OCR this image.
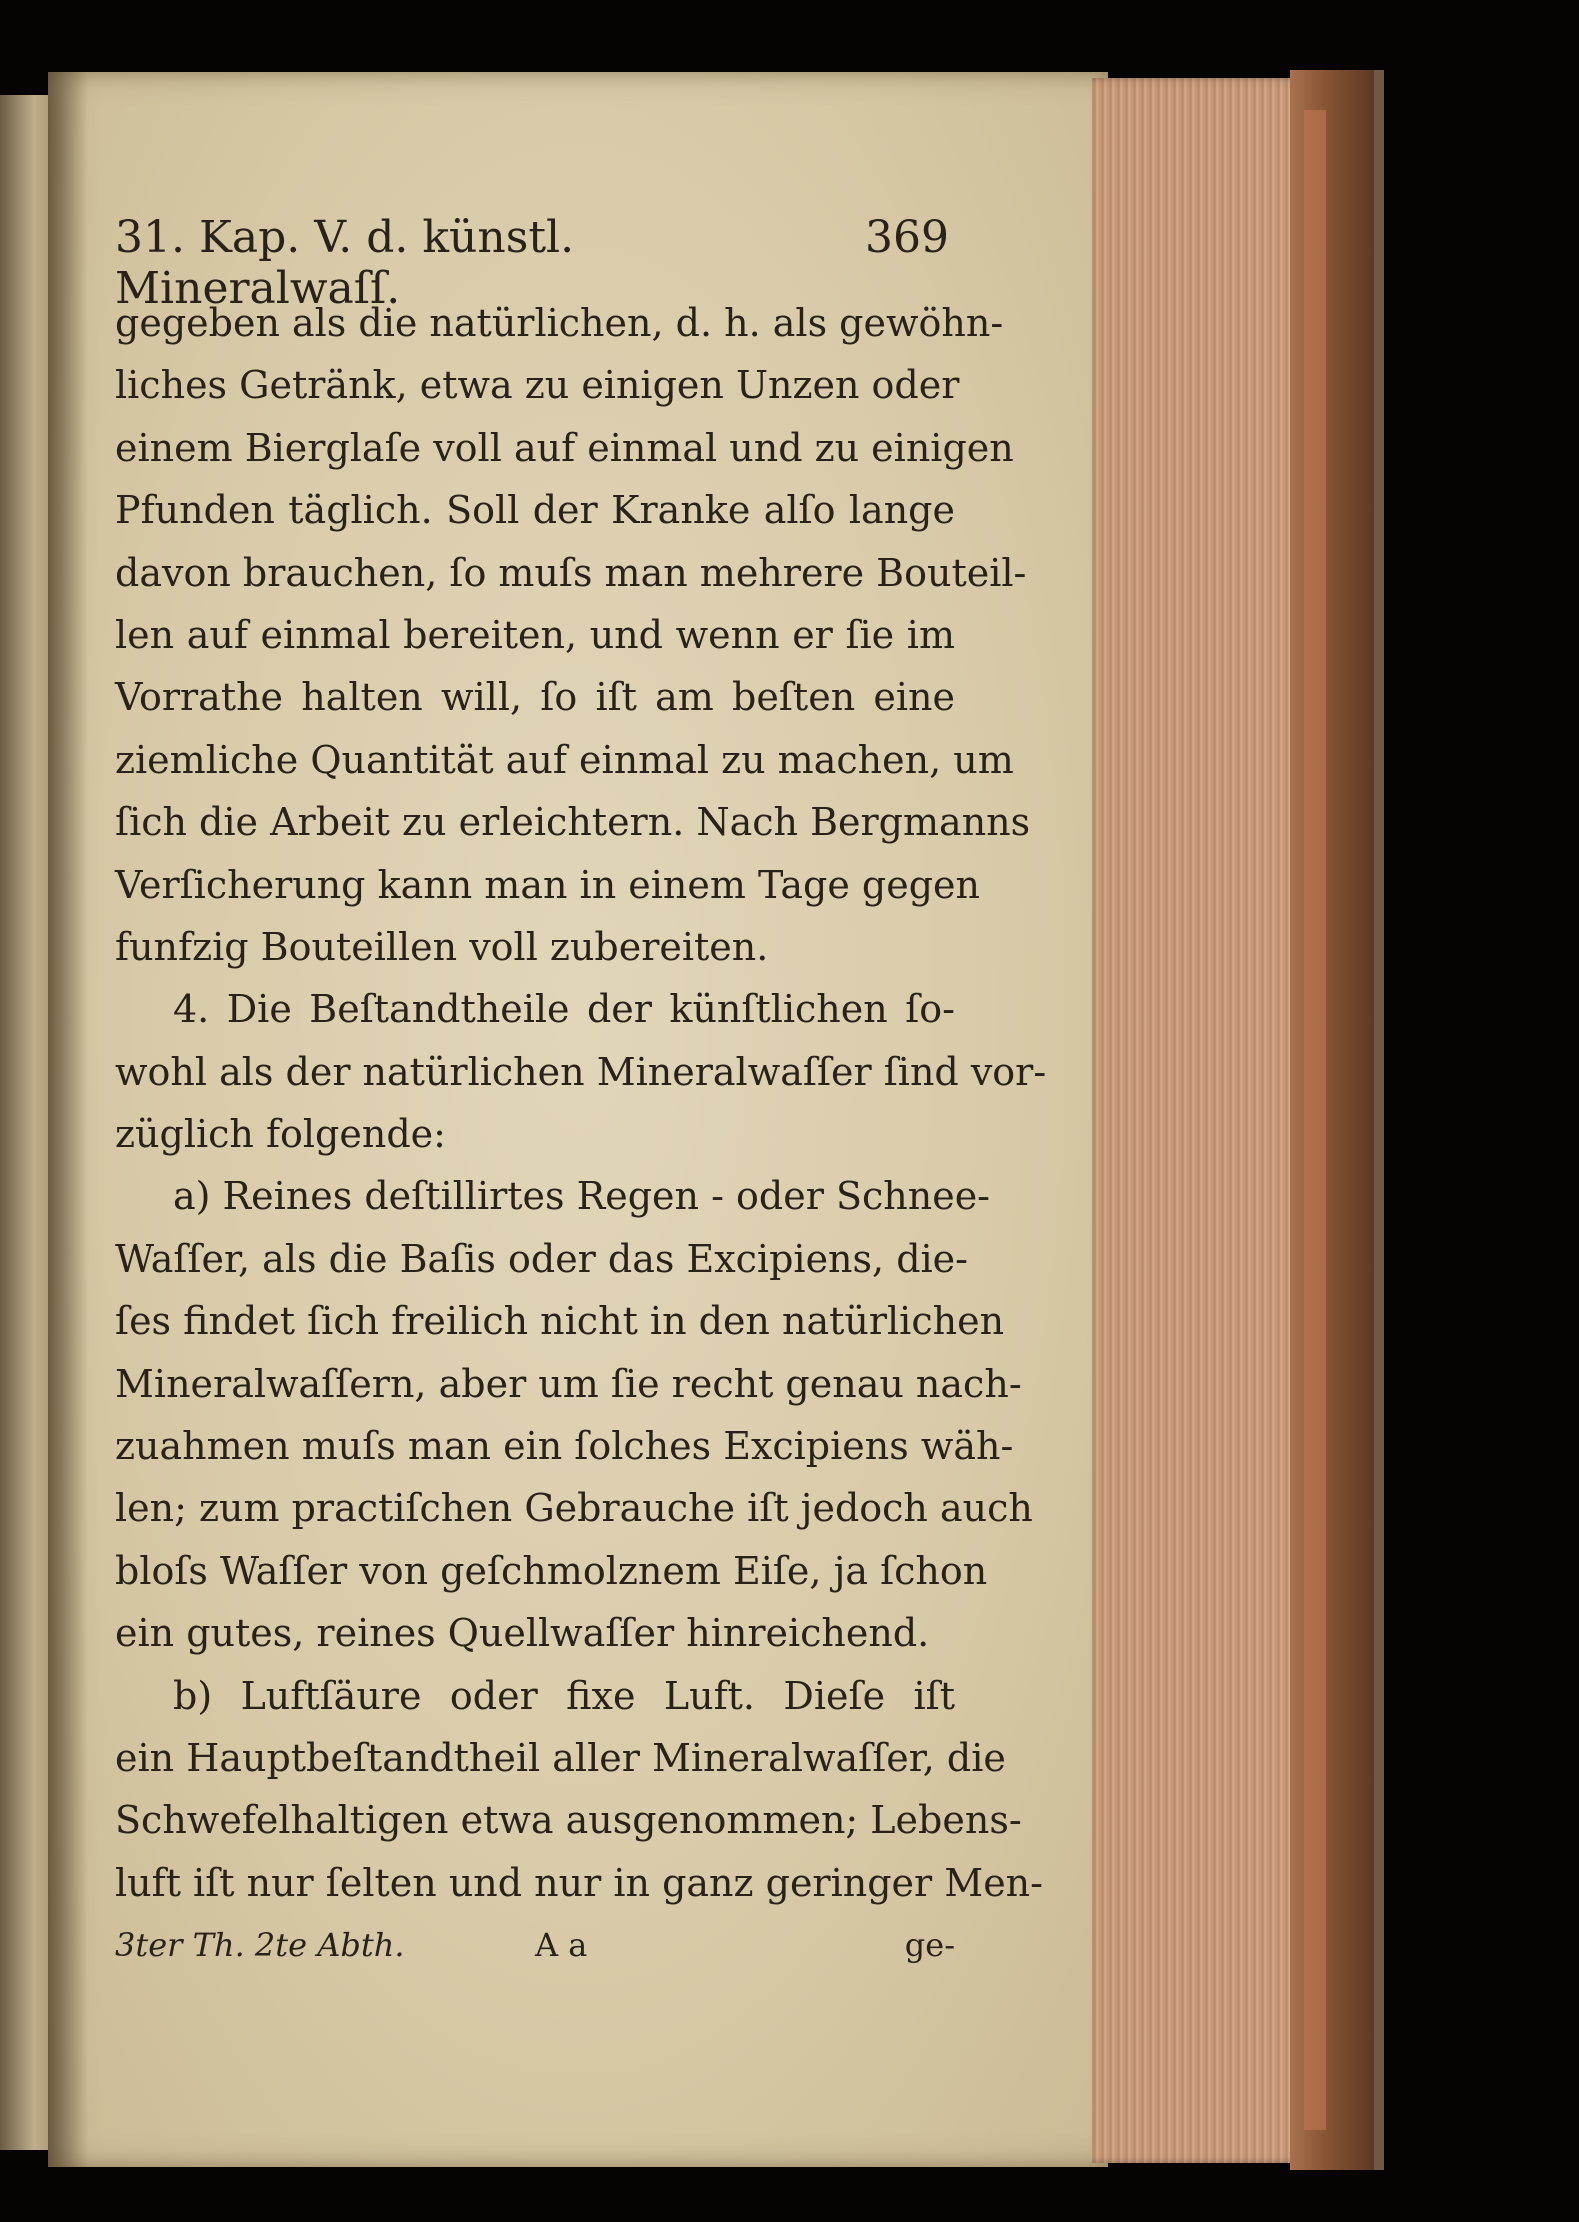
31. Kap. V. d. künstl. Mineralwaſſ.
369
gegeben als die natürlichen, d. h. als gewöhn-
liches Getränk, etwa zu einigen Unzen oder
einem Bierglaſe voll auf einmal und zu einigen
Pfunden täglich. Soll der Kranke alſo lange
davon brauchen, ſo muſs man mehrere Bouteil-
len auf einmal bereiten, und wenn er ſie im
Vorrathe halten will, ſo iſt am beſten eine
ziemliche Quantität auf einmal zu machen, um
ſich die Arbeit zu erleichtern. Nach Bergmanns
Verſicherung kann man in einem Tage gegen
funfzig Bouteillen voll zubereiten.
4. Die Beſtandtheile der künſtlichen ſo-
wohl als der natürlichen Mineralwaſſer ſind vor-
züglich folgende:
a) Reines deſtillirtes Regen - oder Schnee-
Waſſer, als die Baſis oder das Excipiens, die-
ſes findet ſich freilich nicht in den natürlichen
Mineralwaſſern, aber um ſie recht genau nach-
zuahmen muſs man ein ſolches Excipiens wäh-
len; zum practiſchen Gebrauche iſt jedoch auch
bloſs Waſſer von geſchmolznem Eiſe, ja ſchon
ein gutes, reines Quellwaſſer hinreichend.
b) Luftſäure oder fixe Luft. Dieſe iſt
ein Hauptbeſtandtheil aller Mineralwaſſer, die
Schwefelhaltigen etwa ausgenommen; Lebens-
luft iſt nur ſelten und nur in ganz geringer Men-
3ter Th. 2te Abth.	A a	ge-
